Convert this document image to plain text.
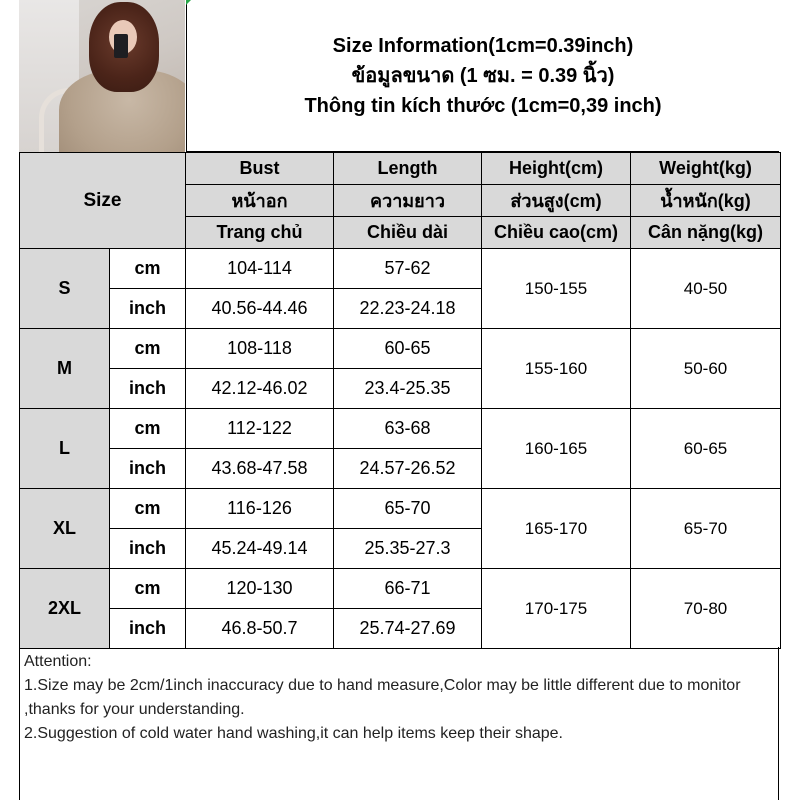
Size Information(1cm=0.39inch)
ข้อมูลขนาด (1 ซม. = 0.39 นิ้ว)
Thông tin kích thước (1cm=0,39 inch)
Size		Bust	Length	Height(cm)	Weight(kg)
		หน้าอก	ความยาว	ส่วนสูง(cm)	น้ำหนัก(kg)
		Trang chủ	Chiều dài	Chiều cao(cm)	Cân nặng(kg)
S	cm	104-114	57-62	150-155	40-50
	inch	40.56-44.46	22.23-24.18		
M	cm	108-118	60-65	155-160	50-60
	inch	42.12-46.02	23.4-25.35		
L	cm	112-122	63-68	160-165	60-65
	inch	43.68-47.58	24.57-26.52		
XL	cm	116-126	65-70	165-170	65-70
	inch	45.24-49.14	25.35-27.3		
2XL	cm	120-130	66-71	170-175	70-80
	inch	46.8-50.7	25.74-27.69		

Attention:

1.Size may be 2cm/1inch inaccuracy due to hand measure,Color may be little different due to monitor ,thanks for your understanding.

2.Suggestion of cold water hand washing,it can help items keep their shape.
